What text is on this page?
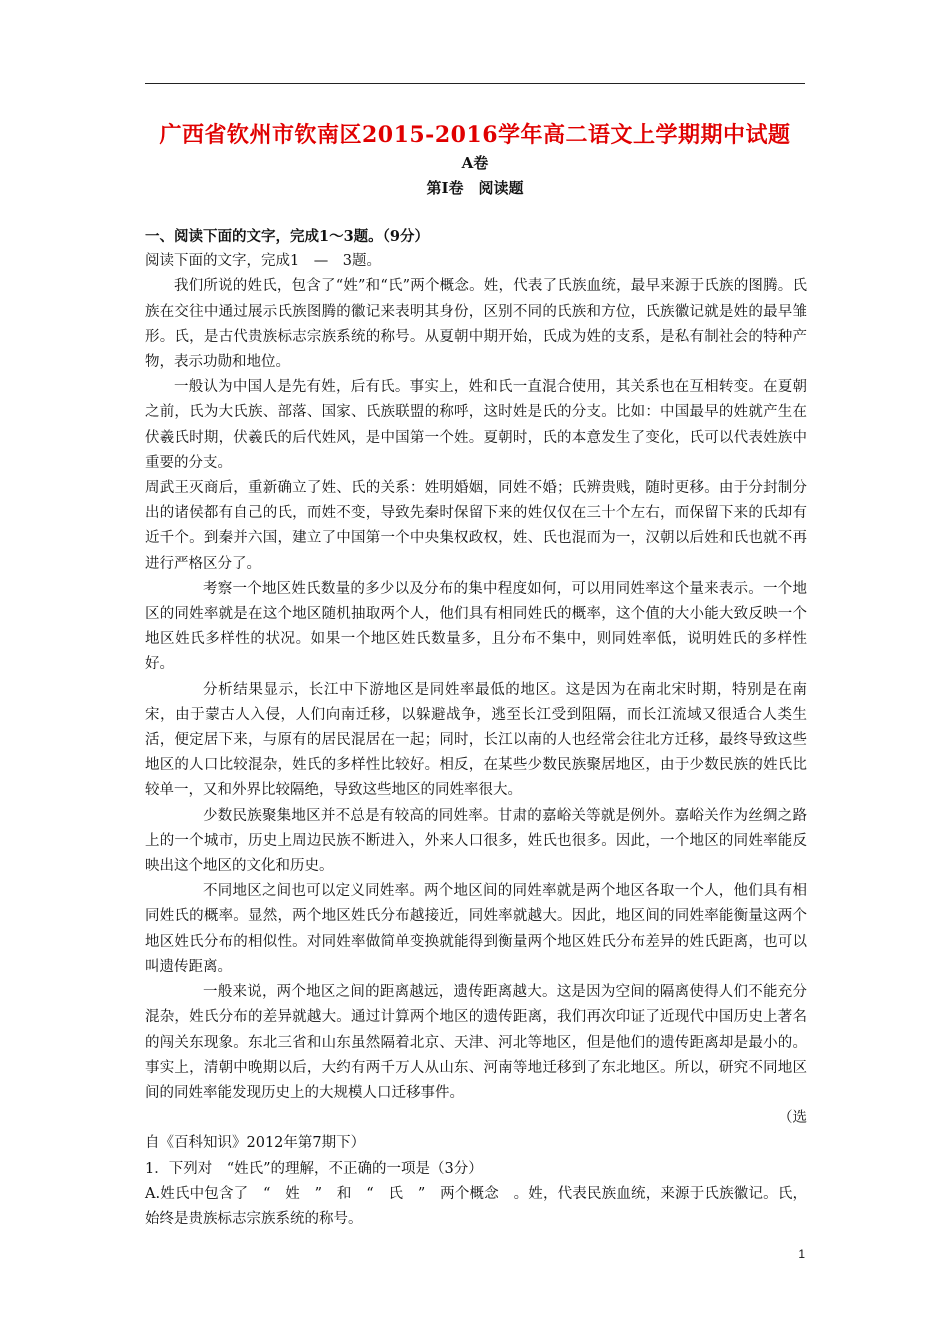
广西省钦州市钦南区2015-2016学年高二语文上学期期中试题
A卷
第Ⅰ卷　阅读题

一、阅读下面的文字，完成1～3题。（9分）

阅读下面的文字，完成1　—　3题。

我们所说的姓氏，包含了“姓”和“氏”两个概念。姓，代表了氏族血统，最早来源于氏族的图腾。氏族在交往中通过展示氏族图腾的徽记来表明其身份，区别不同的氏族和方位，氏族徽记就是姓的最早雏形。氏，是古代贵族标志宗族系统的称号。从夏朝中期开始，氏成为姓的支系，是私有制社会的特种产物，表示功勋和地位。

一般认为中国人是先有姓，后有氏。事实上，姓和氏一直混合使用，其关系也在互相转变。在夏朝之前，氏为大氏族、部落、国家、氏族联盟的称呼，这时姓是氏的分支。比如：中国最早的姓就产生在伏羲氏时期，伏羲氏的后代姓风，是中国第一个姓。夏朝时，氏的本意发生了变化，氏可以代表姓族中重要的分支。

周武王灭商后，重新确立了姓、氏的关系：姓明婚姻，同姓不婚；氏辨贵贱，随时更移。由于分封制分出的诸侯都有自己的氏，而姓不变，导致先秦时保留下来的姓仅仅在三十个左右，而保留下来的氏却有近千个。到秦并六国，建立了中国第一个中央集权政权，姓、氏也混而为一，汉朝以后姓和氏也就不再进行严格区分了。

考察一个地区姓氏数量的多少以及分布的集中程度如何，可以用同姓率这个量来表示。一个地区的同姓率就是在这个地区随机抽取两个人，他们具有相同姓氏的概率，这个值的大小能大致反映一个地区姓氏多样性的状况。如果一个地区姓氏数量多，且分布不集中，则同姓率低，说明姓氏的多样性好。

分析结果显示，长江中下游地区是同姓率最低的地区。这是因为在南北宋时期，特别是在南宋，由于蒙古人入侵，人们向南迁移，以躲避战争，逃至长江受到阻隔，而长江流域又很适合人类生活，便定居下来，与原有的居民混居在一起；同时，长江以南的人也经常会往北方迁移，最终导致这些地区的人口比较混杂，姓氏的多样性比较好。相反，在某些少数民族聚居地区，由于少数民族的姓氏比较单一，又和外界比较隔绝，导致这些地区的同姓率很大。

少数民族聚集地区并不总是有较高的同姓率。甘肃的嘉峪关等就是例外。嘉峪关作为丝绸之路上的一个城市，历史上周边民族不断进入，外来人口很多，姓氏也很多。因此，一个地区的同姓率能反映出这个地区的文化和历史。

不同地区之间也可以定义同姓率。两个地区间的同姓率就是两个地区各取一个人，他们具有相同姓氏的概率。显然，两个地区姓氏分布越接近，同姓率就越大。因此，地区间的同姓率能衡量这两个地区姓氏分布的相似性。对同姓率做简单变换就能得到衡量两个地区姓氏分布差异的姓氏距离，也可以叫遗传距离。

一般来说，两个地区之间的距离越远，遗传距离越大。这是因为空间的隔离使得人们不能充分混杂，姓氏分布的差异就越大。通过计算两个地区的遗传距离，我们再次印证了近现代中国历史上著名的闯关东现象。东北三省和山东虽然隔着北京、天津、河北等地区，但是他们的遗传距离却是最小的。事实上，清朝中晚期以后，大约有两千万人从山东、河南等地迁移到了东北地区。所以，研究不同地区间的同姓率能发现历史上的大规模人口迁移事件。

（选

自《百科知识》2012年第7期下）

1．下列对　“姓氏”的理解，不正确的一项是（3分）

A.姓氏中包含了　“　姓　”　和　“　氏　”　两个概念　。姓，代表民族血统，来源于氏族徽记。氏，始终是贵族标志宗族系统的称号。

1
